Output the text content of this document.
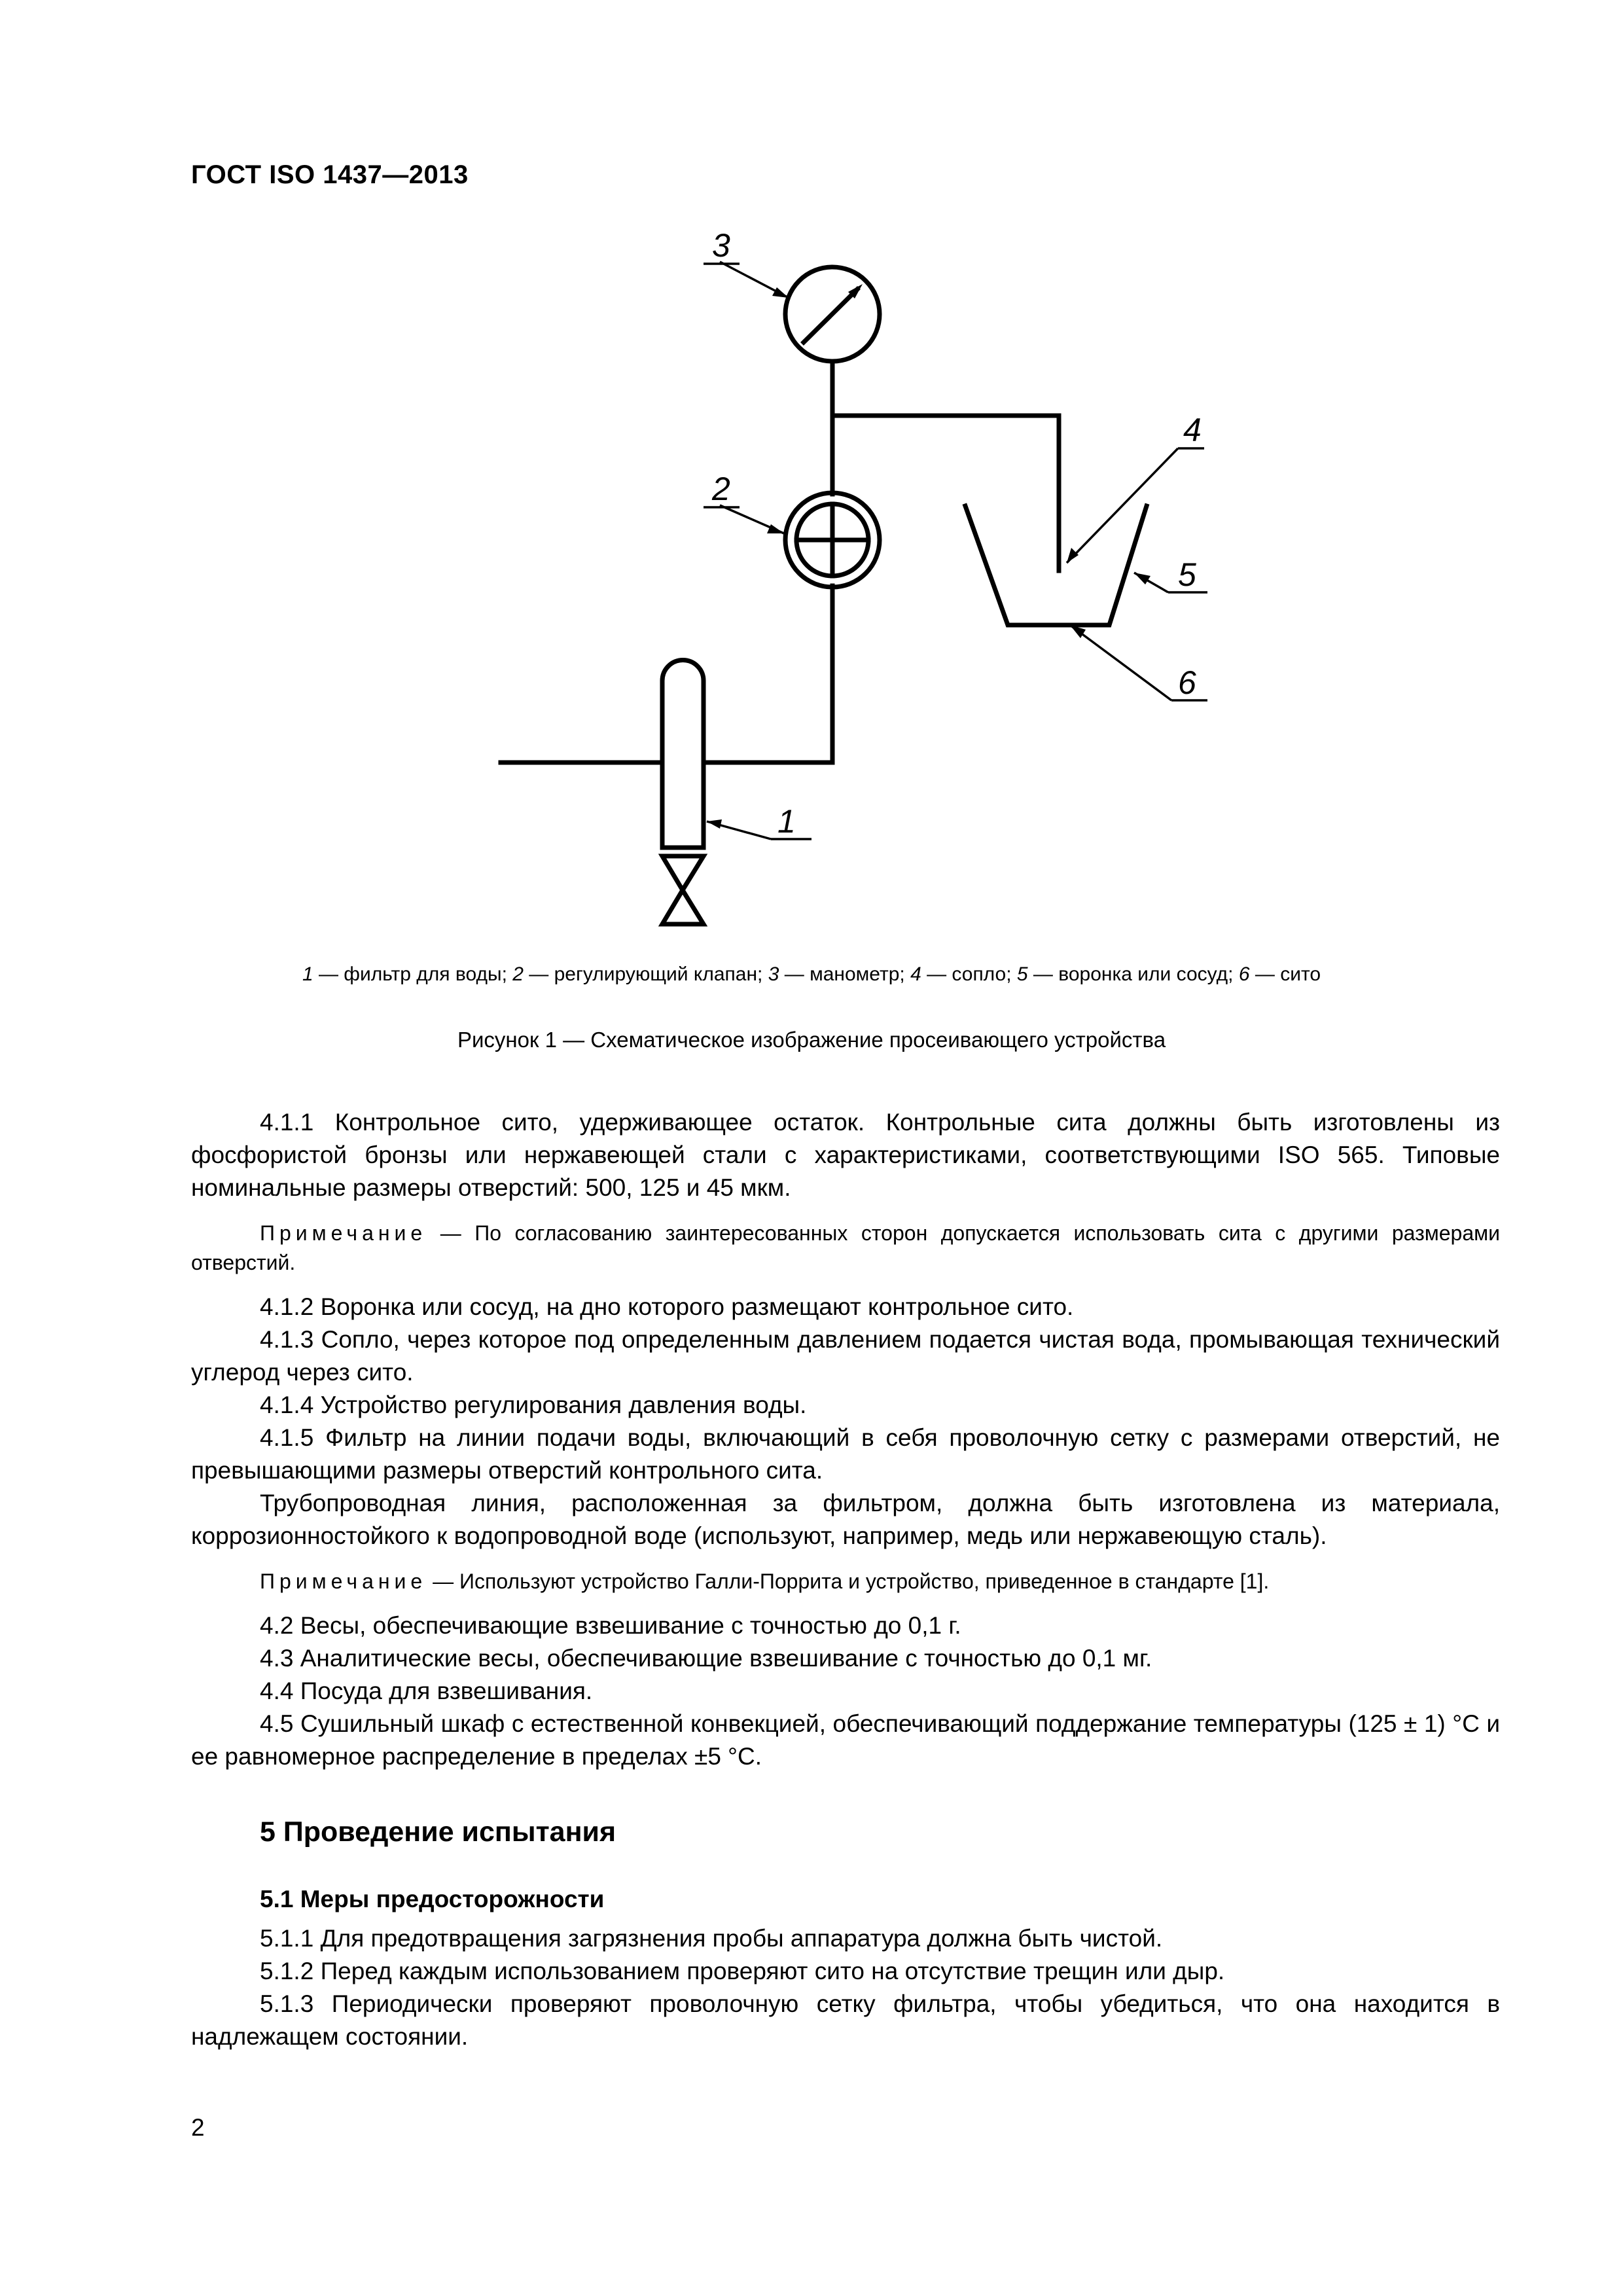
ГОСТ ISO 1437—2013
3
2
1
4
5
6
1 — фильтр для воды; 2 — регулирующий клапан; 3 — манометр; 4 — сопло; 5 — воронка или сосуд; 6 — сито
Рисунок 1 — Схематическое изображение просеивающего устройства

4.1.1 Контрольное сито, удерживающее остаток. Контрольные сита должны быть изготовлены из фосфористой бронзы или нержавеющей стали с характеристиками, соответствующими ISO 565. Типовые номинальные размеры отверстий: 500, 125 и 45 мкм.

Примечание — По согласованию заинтересованных сторон допускается использовать сита с другими размерами отверстий.

4.1.2 Воронка или сосуд, на дно которого размещают контрольное сито.

4.1.3 Сопло, через которое под определенным давлением подается чистая вода, промывающая технический углерод через сито.

4.1.4 Устройство регулирования давления воды.

4.1.5 Фильтр на линии подачи воды, включающий в себя проволочную сетку с размерами отверстий, не превышающими размеры отверстий контрольного сита.

Трубопроводная линия, расположенная за фильтром, должна быть изготовлена из материала, коррозионностойкого к водопроводной воде (используют, например, медь или нержавеющую сталь).

Примечание — Используют устройство Галли-Поррита и устройство, приведенное в стандарте [1].

4.2 Весы, обеспечивающие взвешивание с точностью до 0,1 г.

4.3 Аналитические весы, обеспечивающие взвешивание с точностью до 0,1 мг.

4.4 Посуда для взвешивания.

4.5 Сушильный шкаф с естественной конвекцией, обеспечивающий поддержание температуры (125 ± 1) °С и ее равномерное распределение в пределах ±5 °С.

5 Проведение испытания
5.1 Меры предосторожности

5.1.1 Для предотвращения загрязнения пробы аппаратура должна быть чистой.

5.1.2 Перед каждым использованием проверяют сито на отсутствие трещин или дыр.

5.1.3 Периодически проверяют проволочную сетку фильтра, чтобы убедиться, что она находится в надлежащем состоянии.

2
